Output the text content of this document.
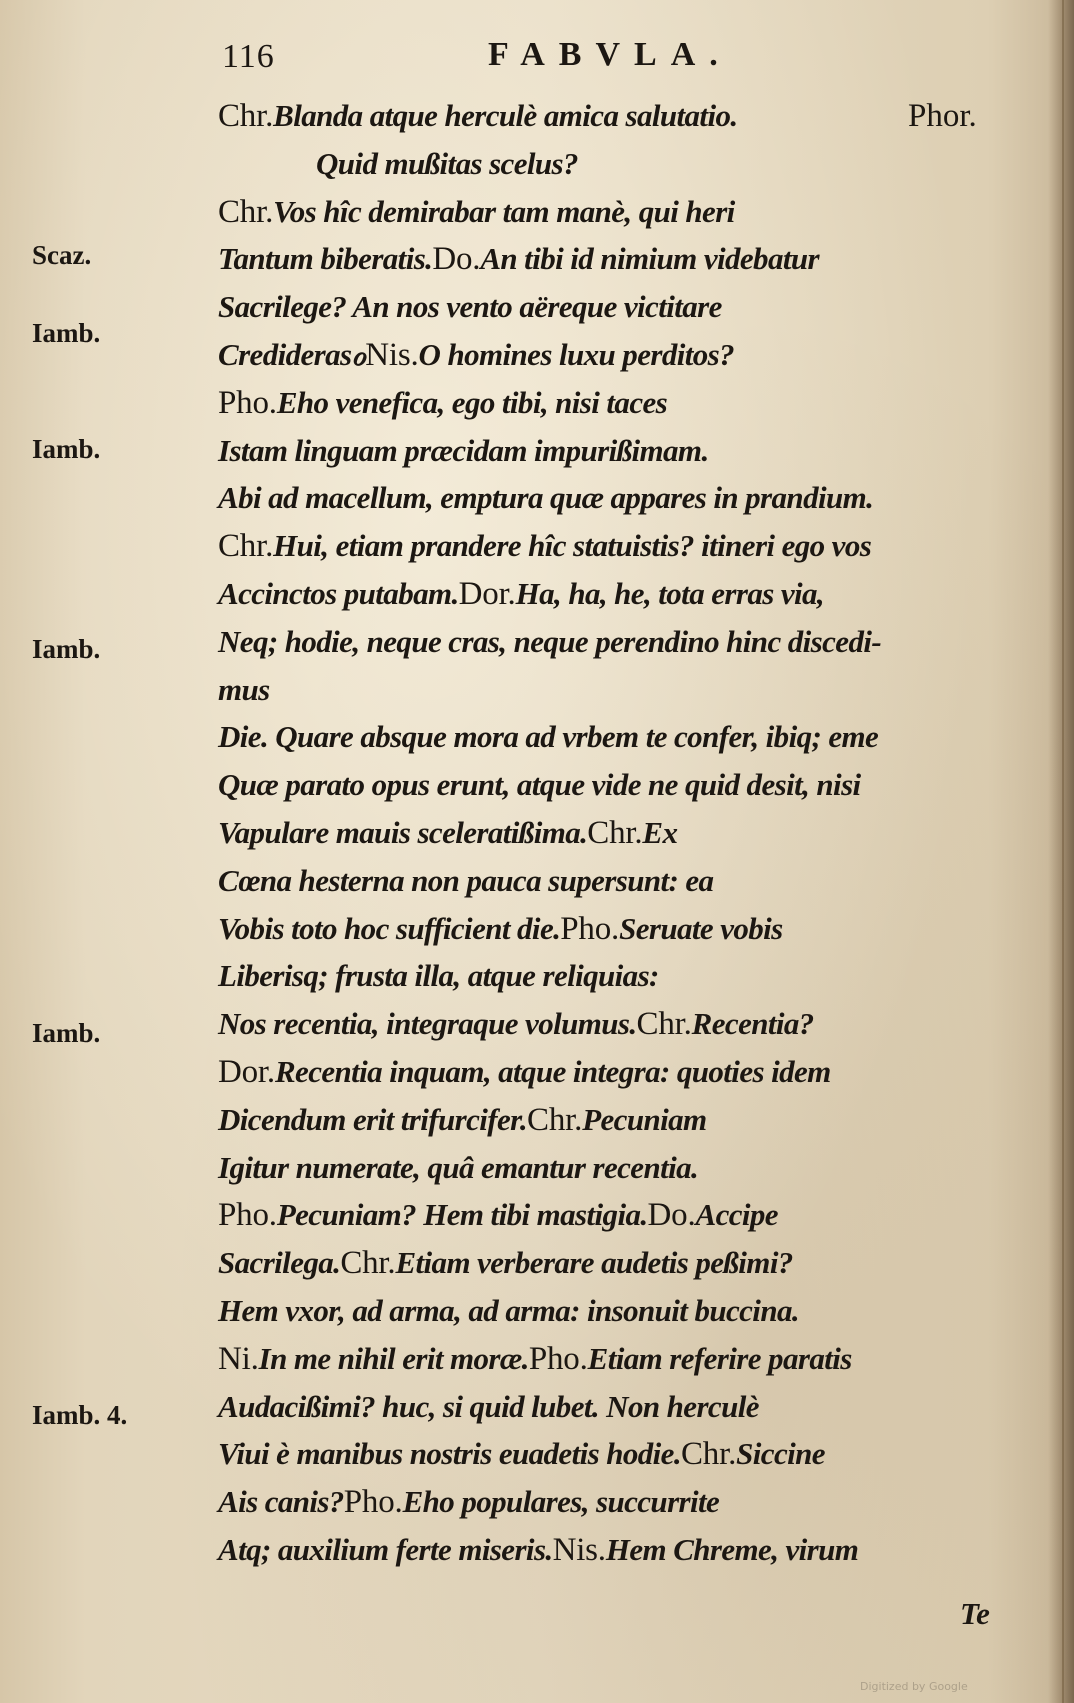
116	FABVLA.
Scaz.
Iamb.
Iamb.
Iamb.
Iamb.
Iamb. 4.
Chr.Blanda atque herculè amica salutatio.
Quid mußitas scelus?
Chr.Vos hîc demirabar tam manè, qui heri
Tantum biberatis.Do.An tibi id nimium videbatur
Sacrilege? An nos vento aëreque victitare
CrediderasℴNis.O homines luxu perditos?
Pho.Eho venefica, ego tibi, nisi taces
Istam linguam præcidam impurißimam.
Abi ad macellum, emptura quæ appares in prandium.
Chr.Hui, etiam prandere hîc statuistis? itineri ego vos
Accinctos putabam.Dor.Ha, ha, he, tota erras via,
Neq; hodie, neque cras, neque perendino hinc discedi-
mus
Die. Quare absque mora ad vrbem te confer, ibiq; eme
Quæ parato opus erunt, atque vide ne quid desit, nisi
Vapulare mauis sceleratißima.Chr.Ex
Cœna hesterna non pauca supersunt: ea
Vobis toto hoc sufficient die.Pho.Seruate vobis
Liberisq; frusta illa, atque reliquias:
Nos recentia, integraque volumus.Chr.Recentia?
Dor.Recentia inquam, atque integra: quoties idem
Dicendum erit trifurcifer.Chr.Pecuniam
Igitur numerate, quâ emantur recentia.
Pho.Pecuniam? Hem tibi mastigia.Do.Accipe
Sacrilega.Chr.Etiam verberare audetis peßimi?
Hem vxor, ad arma, ad arma: insonuit buccina.
Ni.In me nihil erit moræ.Pho.Etiam referire paratis
Audacißimi? huc, si quid lubet. Non herculè
Viui è manibus nostris euadetis hodie.Chr.Siccine
Ais canis?Pho.Eho populares, succurrite
Atq; auxilium ferte miseris.Nis.Hem Chreme, virum
Phor.
Te
Digitized by Google
